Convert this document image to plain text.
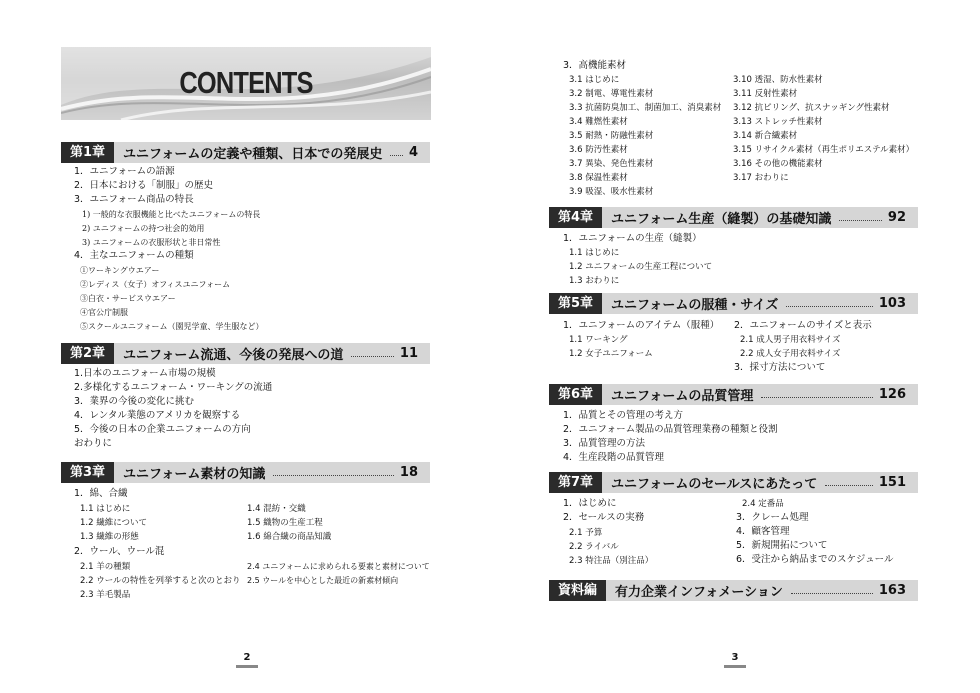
CONTENTS
第1章	ユニフォームの定義や種類、日本での発展史 4
1．ユニフォームの語源
2．日本における「制服」の歴史
3．ユニフォーム商品の特長
1) 一般的な衣服機能と比べたユニフォームの特長
2) ユニフォームの持つ社会的効用
3) ユニフォームの衣服形状と非日常性
4．主なユニフォームの種類
①ワーキングウエアー
②レディス（女子）オフィスユニフォーム
③白衣・サービスウエアー
④官公庁制服
⑤スクールユニフォーム（園児学童、学生服など）
第2章	ユニフォーム流通、今後の発展への道	11
1.日本のユニフォーム市場の規模
2.多様化するユニフォーム・ワーキングの流通
3．業界の今後の変化に挑む
4．レンタル業態のアメリカを観察する
5．今後の日本の企業ユニフォームの方向
おわりに
第3章	ユニフォーム素材の知識	18
1．綿、合繊
1.1 はじめに
1.2 繊維について
1.3 繊維の形態
1.4 混紡・交織
1.5 織物の生産工程
1.6 綿合繊の商品知識
2．ウール、ウール混
2.1 羊の種類
2.2 ウールの特性を列挙すると次のとおり
2.3 羊毛製品
2.4 ユニフォームに求められる要素と素材について
2.5 ウールを中心とした最近の新素材傾向
2
3．高機能素材
3.1 はじめに
3.2 制電、導電性素材
3.3 抗菌防臭加工、制菌加工、消臭素材
3.4 難燃性素材
3.5 耐熱・防融性素材
3.6 防汚性素材
3.7 異染、発色性素材
3.8 保温性素材
3.9 吸湿、吸水性素材
3.10 透湿、防水性素材
3.11 反射性素材
3.12 抗ピリング、抗スナッギング性素材
3.13 ストレッチ性素材
3.14 新合繊素材
3.15 リサイクル素材（再生ポリエステル素材）
3.16 その他の機能素材
3.17 おわりに
第4章	ユニフォーム生産（縫製）の基礎知識	92
1．ユニフォームの生産（縫製）
1.1 はじめに
1.2 ユニフォームの生産工程について
1.3 おわりに
第5章	ユニフォームの服種・サイズ	103
1．ユニフォームのアイテム（服種）
1.1 ワーキング
1.2 女子ユニフォーム
2．ユニフォームのサイズと表示
2.1 成人男子用衣料サイズ
2.2 成人女子用衣料サイズ
3．採寸方法について
第6章	ユニフォームの品質管理	126
1．品質とその管理の考え方
2．ユニフォーム製品の品質管理業務の種類と役割
3．品質管理の方法
4．生産段階の品質管理
第7章	ユニフォームのセールスにあたって	151
1．はじめに
2．セールスの実務
2.1 予算
2.2 ライバル
2.3 特注品（別注品）
2.4 定番品
3．クレーム処理
4．顧客管理
5．新規開拓について
6．受注から納品までのスケジュール
資料編	有力企業インフォメーション	163
3
